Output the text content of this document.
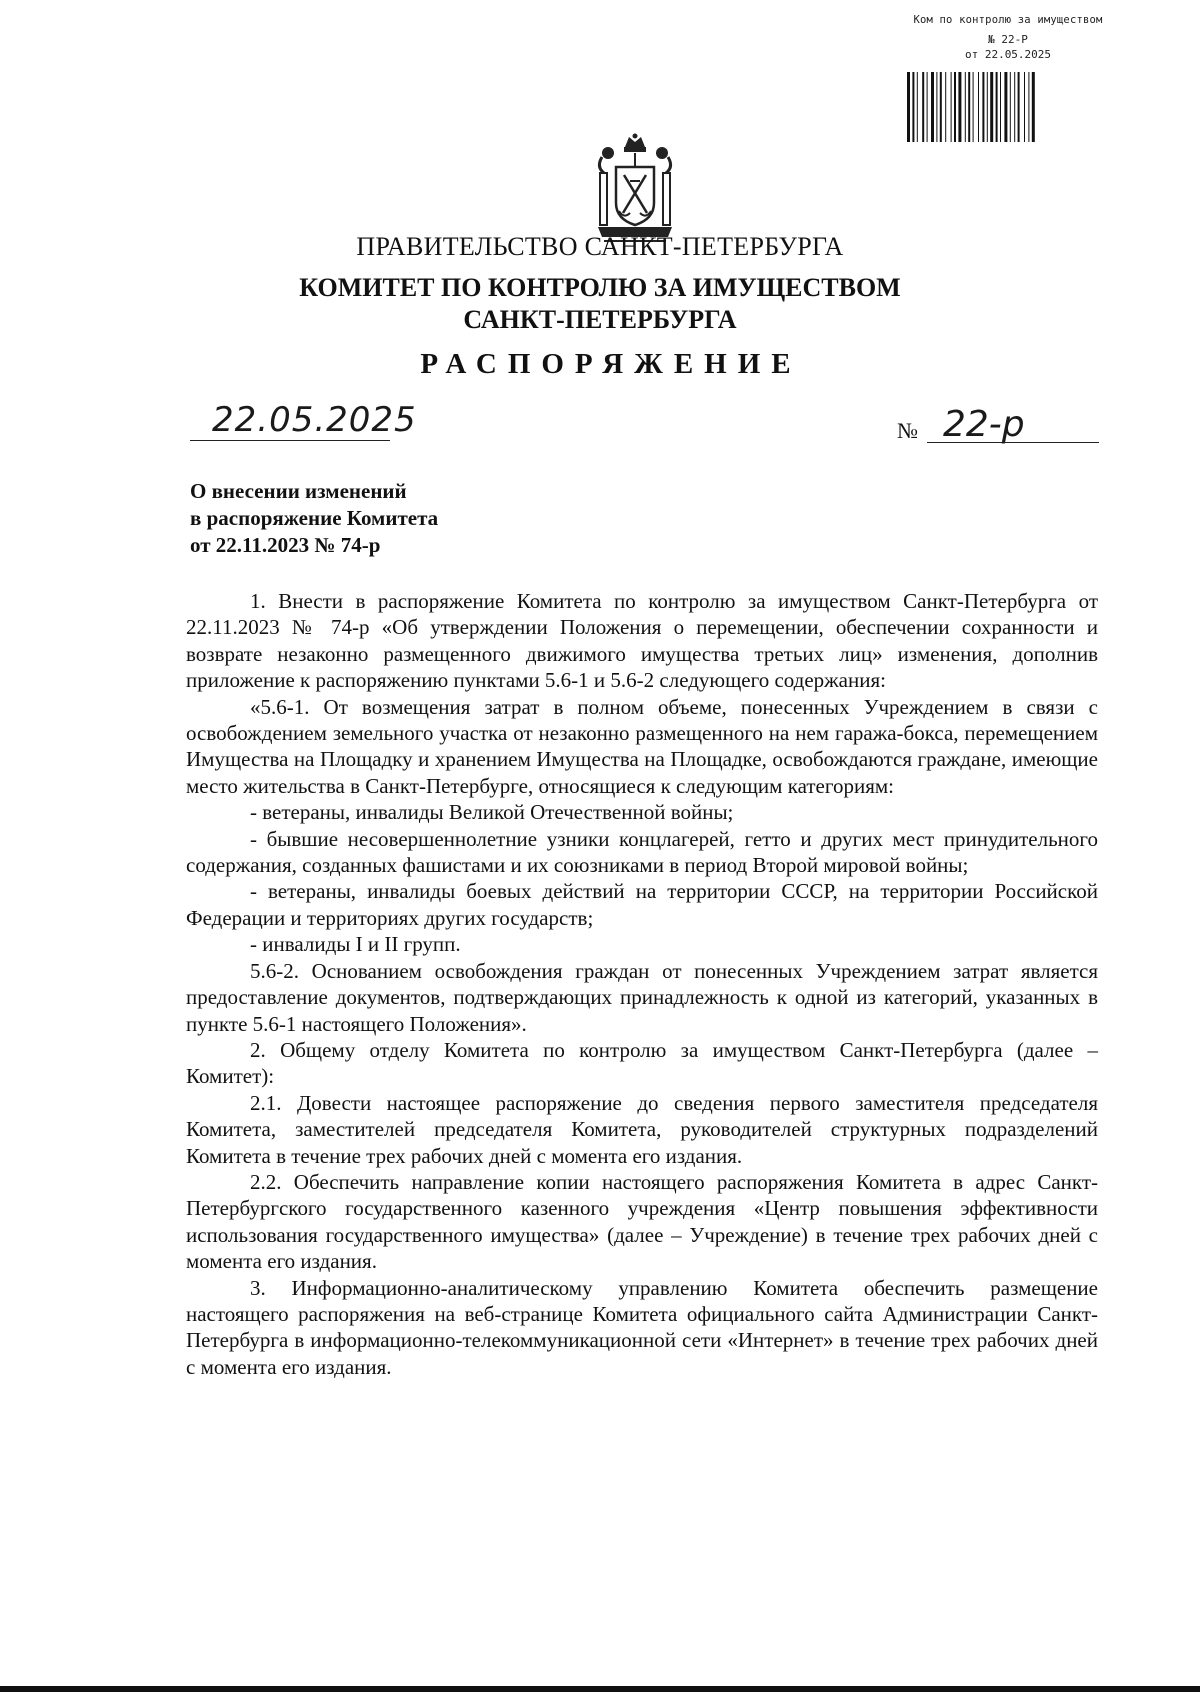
Ком по контролю за имуществом
№ 22-Р
от 22.05.2025
ПРАВИТЕЛЬСТВО САНКТ-ПЕТЕРБУРГА
КОМИТЕТ ПО КОНТРОЛЮ ЗА ИМУЩЕСТВОМ
САНКТ-ПЕТЕРБУРГА
РАСПОРЯЖЕНИЕ
22.05.2025	№ 22-р
О внесении изменений
в распоряжение Комитета
от 22.11.2023 № 74-р

1. Внести в распоряжение Комитета по контролю за имуществом Санкт-Петербурга от 22.11.2023 № 74-р «Об утверждении Положения о перемещении, обеспечении сохранности и возврате незаконно размещенного движимого имущества третьих лиц» изменения, дополнив приложение к распоряжению пунктами 5.6-1 и 5.6-2 следующего содержания:

«5.6-1. От возмещения затрат в полном объеме, понесенных Учреждением в связи с освобождением земельного участка от незаконно размещенного на нем гаража-бокса, перемещением Имущества на Площадку и хранением Имущества на Площадке, освобождаются граждане, имеющие место жительства в Санкт-Петербурге, относящиеся к следующим категориям:

- ветераны, инвалиды Великой Отечественной войны;

- бывшие несовершеннолетние узники концлагерей, гетто и других мест принудительного содержания, созданных фашистами и их союзниками в период Второй мировой войны;

- ветераны, инвалиды боевых действий на территории СССР, на территории Российской Федерации и территориях других государств;

- инвалиды I и II групп.

5.6-2. Основанием освобождения граждан от понесенных Учреждением затрат является предоставление документов, подтверждающих принадлежность к одной из категорий, указанных в пункте 5.6-1 настоящего Положения».

2. Общему отделу Комитета по контролю за имуществом Санкт-Петербурга (далее – Комитет):

2.1. Довести настоящее распоряжение до сведения первого заместителя председателя Комитета, заместителей председателя Комитета, руководителей структурных подразделений Комитета в течение трех рабочих дней с момента его издания.

2.2. Обеспечить направление копии настоящего распоряжения Комитета в адрес Санкт-Петербургского государственного казенного учреждения «Центр повышения эффективности использования государственного имущества» (далее – Учреждение) в течение трех рабочих дней с момента его издания.

3. Информационно-аналитическому управлению Комитета обеспечить размещение настоящего распоряжения на веб-странице Комитета официального сайта Администрации Санкт-Петербурга в информационно-телекоммуникационной сети «Интернет» в течение трех рабочих дней с момента его издания.
